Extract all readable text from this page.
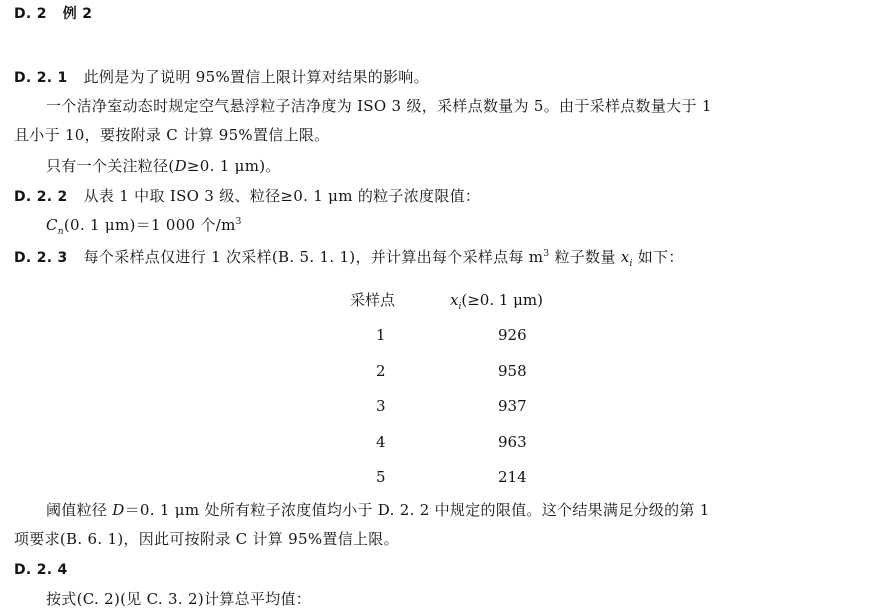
D. 2 例 2
D. 2. 1 此例是为了说明 95%置信上限计算对结果的影响。
一个洁净室动态时规定空气悬浮粒子洁净度为 ISO 3 级，采样点数量为 5。由于采样点数量大于 1
且小于 10，要按附录 C 计算 95%置信上限。
只有一个关注粒径(D≥0. 1 μm)。
D. 2. 2 从表 1 中取 ISO 3 级、粒径≥0. 1 μm 的粒子浓度限值：
$C_n(0$. 1 μm)＝1 000 个$/m^3$
D. 2. 3 每个采样点仅进行 1 次采样(B. 5. 1. 1)，并计算出每个采样点每 $m^3$ 粒子数量 $x_i$ 如下：
采样点	$x_i(\ge 0$. 1 μm)
1	926
2	958
3	937
4	963
5	214
阈值粒径 D＝0. 1 μm 处所有粒子浓度值均小于 D. 2. 2 中规定的限值。这个结果满足分级的第 1
项要求(B. 6. 1)，因此可按附录 C 计算 95%置信上限。
D. 2. 4
按式(C. 2)(见 C. 3. 2)计算总平均值：
